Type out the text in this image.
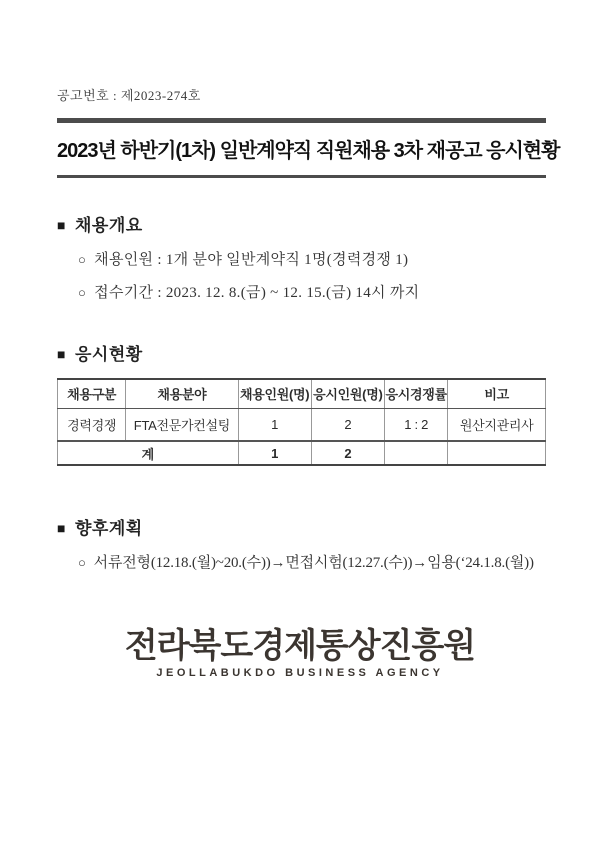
공고번호 : 제2023-274호
2023년 하반기(1차) 일반계약직 직원채용 3차 재공고 응시현황
■ 채용개요
○ 채용인원 : 1개 분야 일반계약직 1명(경력경쟁 1)
○ 접수기간 : 2023. 12. 8.(금) ~ 12. 15.(금) 14시 까지
■ 응시현황
채용구분	채용분야	채용인원(명)	응시인원(명)	응시경쟁률	비고
경력경쟁	FTA전문가컨설팅	1	2	1 : 2	원산지관리사
계		1	2		
■ 향후계획
○ 서류전형(12.18.(월)~20.(수))→면접시험(12.27.(수))→임용(‘24.1.8.(월))
전라북도경제통상진흥원
JEOLLABUKDO BUSINESS AGENCY
